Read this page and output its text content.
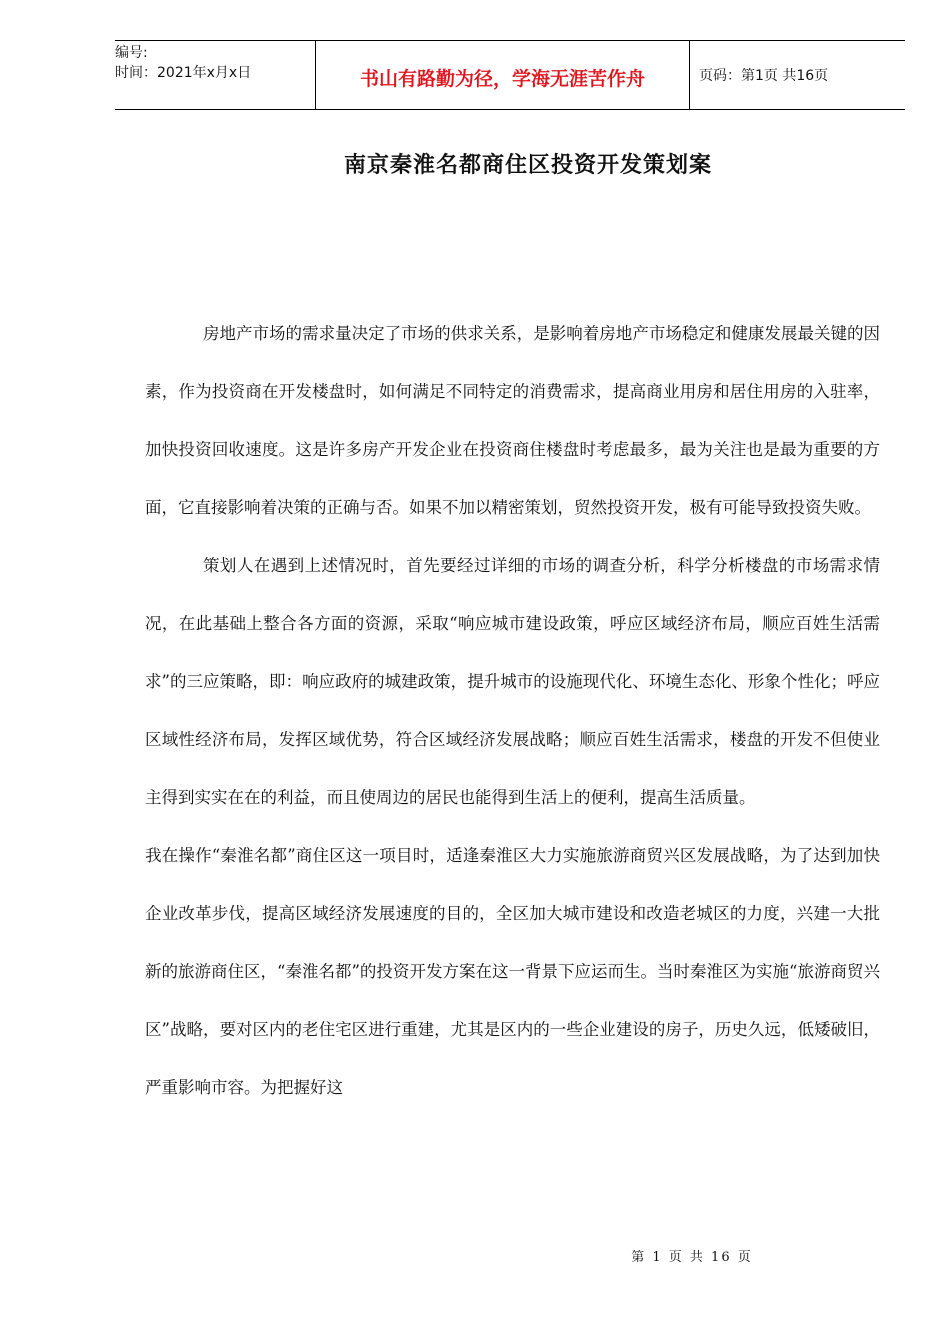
编号:
时间：2021年x月x日	书山有路勤为径，学海无涯苦作舟	页码：第1页 共16页
南京秦淮名都商住区投资开发策划案

房地产市场的需求量决定了市场的供求关系，是影响着房地产市场稳定和健康发展最关键的因素，作为投资商在开发楼盘时，如何满足不同特定的消费需求，提高商业用房和居住用房的入驻率，加快投资回收速度。这是许多房产开发企业在投资商住楼盘时考虑最多，最为关注也是最为重要的方面，它直接影响着决策的正确与否。如果不加以精密策划，贸然投资开发，极有可能导致投资失败。

策划人在遇到上述情况时，首先要经过详细的市场的调查分析，科学分析楼盘的市场需求情况，在此基础上整合各方面的资源，采取“响应城市建设政策，呼应区域经济布局，顺应百姓生活需求”的三应策略，即：响应政府的城建政策，提升城市的设施现代化、环境生态化、形象个性化；呼应区域性经济布局，发挥区域优势，符合区域经济发展战略；顺应百姓生活需求，楼盘的开发不但使业主得到实实在在的利益，而且使周边的居民也能得到生活上的便利，提高生活质量。

我在操作“秦淮名都”商住区这一项目时，适逢秦淮区大力实施旅游商贸兴区发展战略，为了达到加快企业改革步伐，提高区域经济发展速度的目的，全区加大城市建设和改造老城区的力度，兴建一大批新的旅游商住区，“秦淮名都”的投资开发方案在这一背景下应运而生。当时秦淮区为实施“旅游商贸兴区”战略，要对区内的老住宅区进行重建，尤其是区内的一些企业建设的房子，历史久远，低矮破旧，严重影响市容。为把握好这

第 1 页 共 16 页
